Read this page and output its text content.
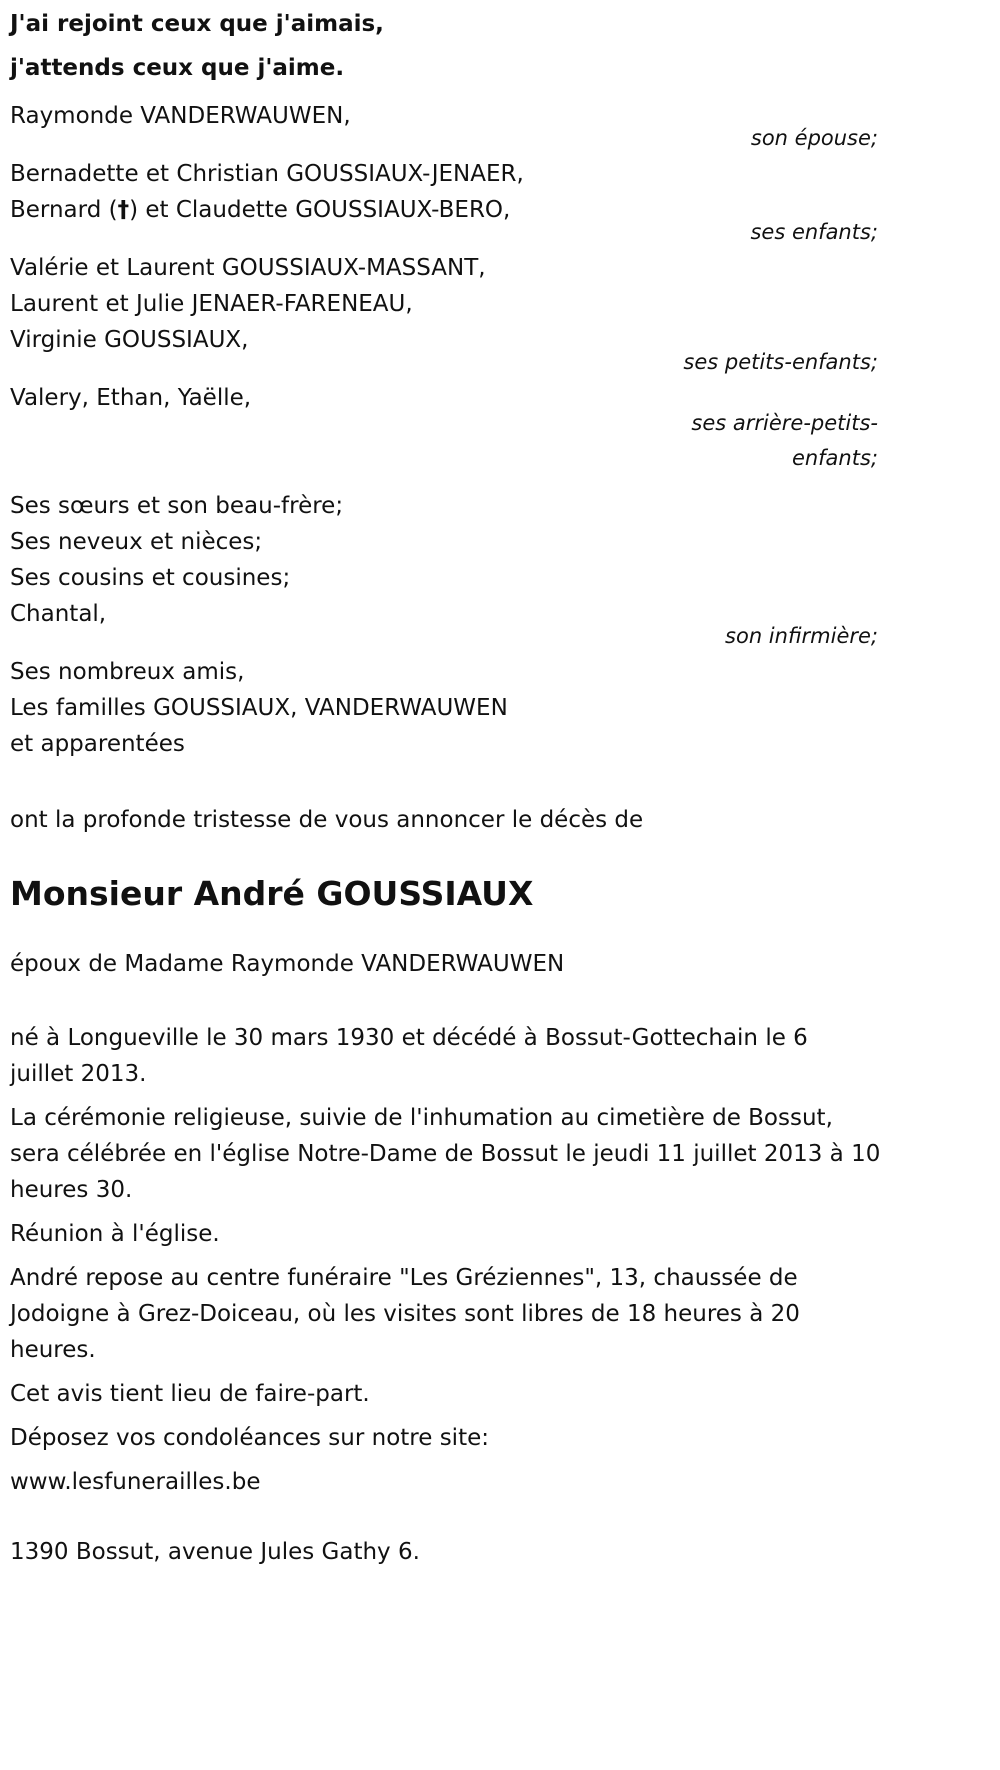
J'ai rejoint ceux que j'aimais,
j'attends ceux que j'aime.
Raymonde VANDERWAUWEN,
son épouse;
Bernadette et Christian GOUSSIAUX-JENAER,
Bernard (†) et Claudette GOUSSIAUX-BERO,
ses enfants;
Valérie et Laurent GOUSSIAUX-MASSANT,
Laurent et Julie JENAER-FARENEAU,
Virginie GOUSSIAUX,
ses petits-enfants;
Valery, Ethan, Yaëlle,
ses arrière-petits-
enfants;
Ses sœurs et son beau-frère;
Ses neveux et nièces;
Ses cousins et cousines;
Chantal,
son infirmière;
Ses nombreux amis,
Les familles GOUSSIAUX, VANDERWAUWEN
et apparentées
ont la profonde tristesse de vous annoncer le décès de
Monsieur André GOUSSIAUX
époux de Madame Raymonde VANDERWAUWEN
né à Longueville le 30 mars 1930 et décédé à Bossut-Gottechain le 6
juillet 2013.
La cérémonie religieuse, suivie de l'inhumation au cimetière de Bossut,
sera célébrée en l'église Notre-Dame de Bossut le jeudi 11 juillet 2013 à 10
heures 30.
Réunion à l'église.
André repose au centre funéraire "Les Gréziennes", 13, chaussée de
Jodoigne à Grez-Doiceau, où les visites sont libres de 18 heures à 20
heures.
Cet avis tient lieu de faire-part.
Déposez vos condoléances sur notre site:
www.lesfunerailles.be
1390 Bossut, avenue Jules Gathy 6.
